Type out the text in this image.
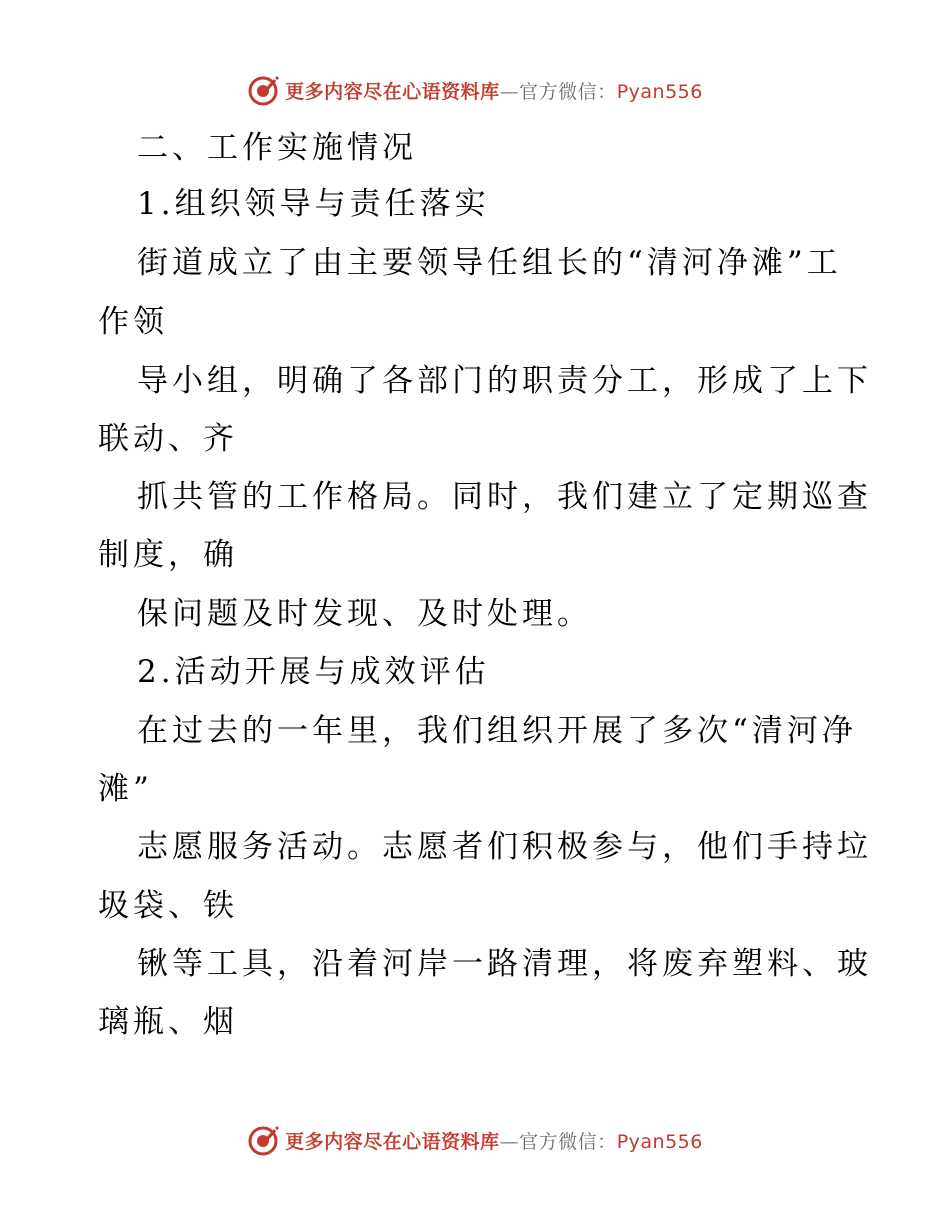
更多内容尽在心语资料库—官方微信：Pyan556
二、工作实施情况
1.组织领导与责任落实
街道成立了由主要领导任组长的“清河净滩”工
作领
导小组，明确了各部门的职责分工，形成了上下
联动、齐
抓共管的工作格局。同时，我们建立了定期巡查
制度，确
保问题及时发现、及时处理。
2.活动开展与成效评估
在过去的一年里，我们组织开展了多次“清河净
滩”
志愿服务活动。志愿者们积极参与，他们手持垃
圾袋、铁
锹等工具，沿着河岸一路清理，将废弃塑料、玻
璃瓶、烟
更多内容尽在心语资料库—官方微信：Pyan556
